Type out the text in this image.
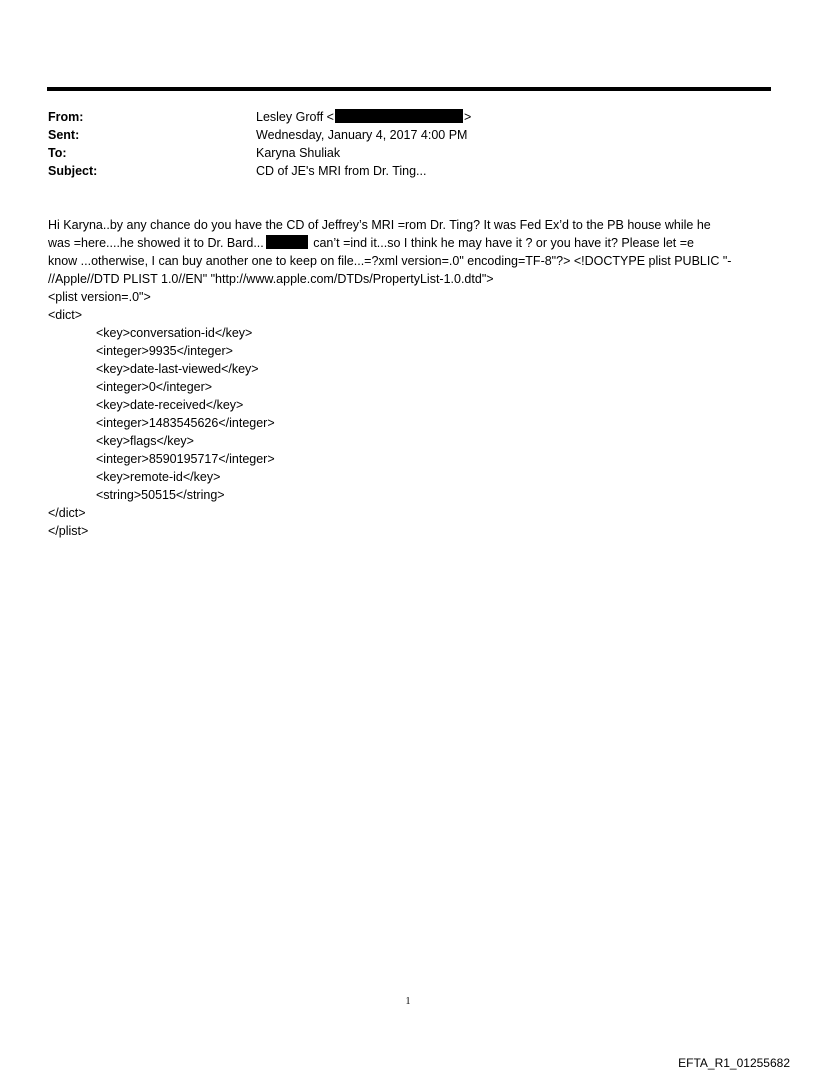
From:	Lesley Groff <	>
Sent:	Wednesday, January 4, 2017 4:00 PM
To:	Karyna Shuliak
Subject:	CD of JE's MRI from Dr. Ting...
Hi Karyna..by any chance do you have the CD of Jeffrey’s MRI =rom Dr. Ting? It was Fed Ex’d to the PB house while he
was =here....he showed it to Dr. Bard...	can’t =ind it...so I think he may have it ? or you have it? Please let =e
know ...otherwise, I can buy another one to keep on file...=?xml version=.0" encoding=TF-8"?> <!DOCTYPE plist PUBLIC "-
//Apple//DTD PLIST 1.0//EN" "http://www.apple.com/DTDs/PropertyList-1.0.dtd">
<plist version=.0">
<dict>
<key>conversation-id</key>
<integer>9935</integer>
<key>date-last-viewed</key>
<integer>0</integer>
<key>date-received</key>
<integer>1483545626</integer>
<key>flags</key>
<integer>8590195717</integer>
<key>remote-id</key>
<string>50515</string>
</dict>
</plist>
1
EFTA_R1_01255682
